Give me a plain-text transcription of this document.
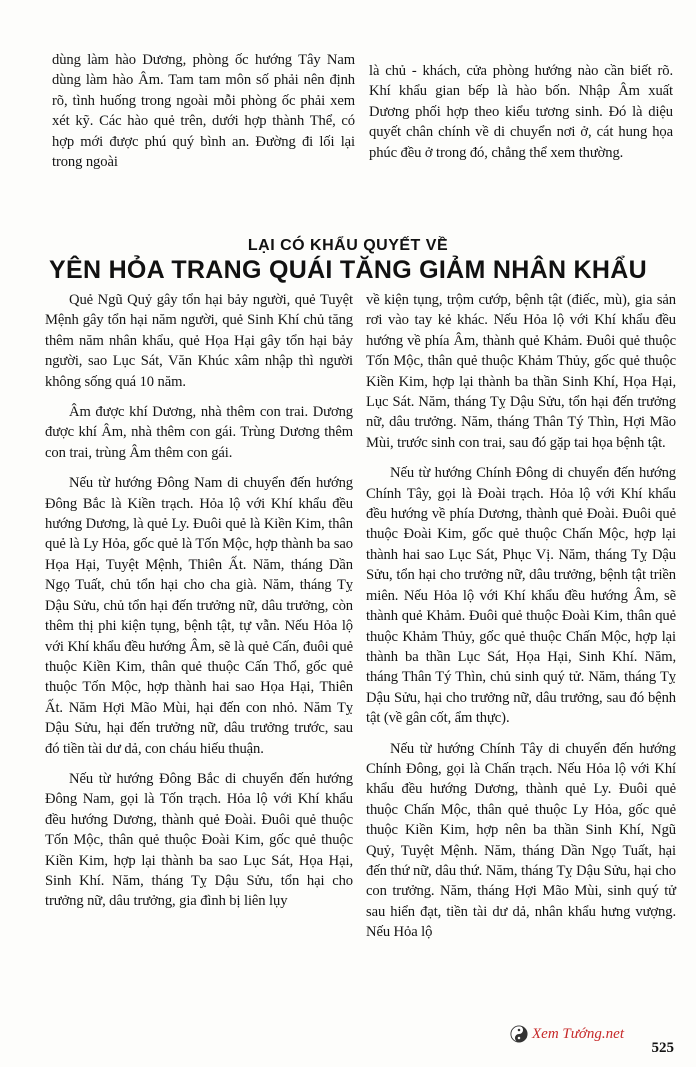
dùng làm hào Dương, phòng ốc hướng Tây Nam dùng làm hào Âm. Tam tam môn số phải nên định rõ, tình huống trong ngoài mỗi phòng ốc phải xem xét kỹ. Các hào quẻ trên, dưới hợp thành Thể, có hợp mới được phú quý bình an. Đường đi lối lại trong ngoài

là chủ - khách, cửa phòng hướng nào cần biết rõ. Khí khẩu gian bếp là hào bốn. Nhập Âm xuất Dương phối hợp theo kiểu tương sinh. Đó là diệu quyết chân chính về di chuyển nơi ở, cát hung họa phúc đều ở trong đó, chẳng thể xem thường.

LẠI CÓ KHẨU QUYẾT VỀ
YÊN HỎA TRANG QUÁI TĂNG GIẢM NHÂN KHẨU

Quẻ Ngũ Quỷ gây tổn hại bảy người, quẻ Tuyệt Mệnh gây tổn hại năm người, quẻ Sinh Khí chủ tăng thêm năm nhân khẩu, quẻ Họa Hại gây tổn hại bảy người, sao Lục Sát, Văn Khúc xâm nhập thì người không sống quá 10 năm.

Âm được khí Dương, nhà thêm con trai. Dương được khí Âm, nhà thêm con gái. Trùng Dương thêm con trai, trùng Âm thêm con gái.

Nếu từ hướng Đông Nam di chuyển đến hướng Đông Bắc là Kiền trạch. Hỏa lộ với Khí khẩu đều hướng Dương, là quẻ Ly. Đuôi quẻ là Kiền Kim, thân quẻ là Ly Hỏa, gốc quẻ là Tốn Mộc, hợp thành ba sao Họa Hại, Tuyệt Mệnh, Thiên Ất. Năm, tháng Dần Ngọ Tuất, chủ tổn hại cho cha già. Năm, tháng Tỵ Dậu Sửu, chủ tổn hại đến trưởng nữ, dâu trưởng, còn thêm thị phi kiện tụng, bệnh tật, tự vẫn. Nếu Hỏa lộ với Khí khẩu đều hướng Âm, sẽ là quẻ Cấn, đuôi quẻ thuộc Kiền Kim, thân quẻ thuộc Cấn Thổ, gốc quẻ thuộc Tốn Mộc, hợp thành hai sao Họa Hại, Thiên Ất. Năm Hợi Mão Mùi, hại đến con nhỏ. Năm Tỵ Dậu Sửu, hại đến trưởng nữ, dâu trưởng trước, sau đó tiền tài dư dả, con cháu hiếu thuận.

Nếu từ hướng Đông Bắc di chuyển đến hướng Đông Nam, gọi là Tốn trạch. Hỏa lộ với Khí khẩu đều hướng Dương, thành quẻ Đoài. Đuôi quẻ thuộc Tốn Mộc, thân quẻ thuộc Đoài Kim, gốc quẻ thuộc Kiền Kim, hợp lại thành ba sao Lục Sát, Họa Hại, Sinh Khí. Năm, tháng Tỵ Dậu Sửu, tổn hại cho trưởng nữ, dâu trưởng, gia đình bị liên lụy

về kiện tụng, trộm cướp, bệnh tật (điếc, mù), gia sản rơi vào tay kẻ khác. Nếu Hỏa lộ với Khí khẩu đều hướng về phía Âm, thành quẻ Khảm. Đuôi quẻ thuộc Tốn Mộc, thân quẻ thuộc Khảm Thủy, gốc quẻ thuộc Kiền Kim, hợp lại thành ba thần Sinh Khí, Họa Hại, Lục Sát. Năm, tháng Tỵ Dậu Sửu, tổn hại đến trưởng nữ, dâu trưởng. Năm, tháng Thân Tý Thìn, Hợi Mão Mùi, trước sinh con trai, sau đó gặp tai họa bệnh tật.

Nếu từ hướng Chính Đông di chuyển đến hướng Chính Tây, gọi là Đoài trạch. Hỏa lộ với Khí khẩu đều hướng về phía Dương, thành quẻ Đoài. Đuôi quẻ thuộc Đoài Kim, gốc quẻ thuộc Chấn Mộc, hợp lại thành hai sao Lục Sát, Phục Vị. Năm, tháng Tỵ Dậu Sửu, tổn hại cho trưởng nữ, dâu trưởng, bệnh tật triền miên. Nếu Hỏa lộ với Khí khẩu đều hướng Âm, sẽ thành quẻ Khảm. Đuôi quẻ thuộc Đoài Kim, thân quẻ thuộc Khảm Thủy, gốc quẻ thuộc Chấn Mộc, hợp lại thành ba thần Lục Sát, Họa Hại, Sinh Khí. Năm, tháng Thân Tý Thìn, chủ sinh quý tử. Năm, tháng Tỵ Dậu Sửu, hại cho trưởng nữ, dâu trưởng, sau đó bệnh tật (về gân cốt, ẩm thực).

Nếu từ hướng Chính Tây di chuyển đến hướng Chính Đông, gọi là Chấn trạch. Nếu Hỏa lộ với Khí khẩu đều hướng Dương, thành quẻ Ly. Đuôi quẻ thuộc Chấn Mộc, thân quẻ thuộc Ly Hỏa, gốc quẻ thuộc Kiền Kim, hợp nên ba thần Sinh Khí, Ngũ Quỷ, Tuyệt Mệnh. Năm, tháng Dần Ngọ Tuất, hại đến thứ nữ, dâu thứ. Năm, tháng Tỵ Dậu Sửu, hại cho con trưởng. Năm, tháng Hợi Mão Mùi, sinh quý tử sau hiển đạt, tiền tài dư dả, nhân khẩu hưng vượng. Nếu Hỏa lộ

Xem Tướng.net
525
